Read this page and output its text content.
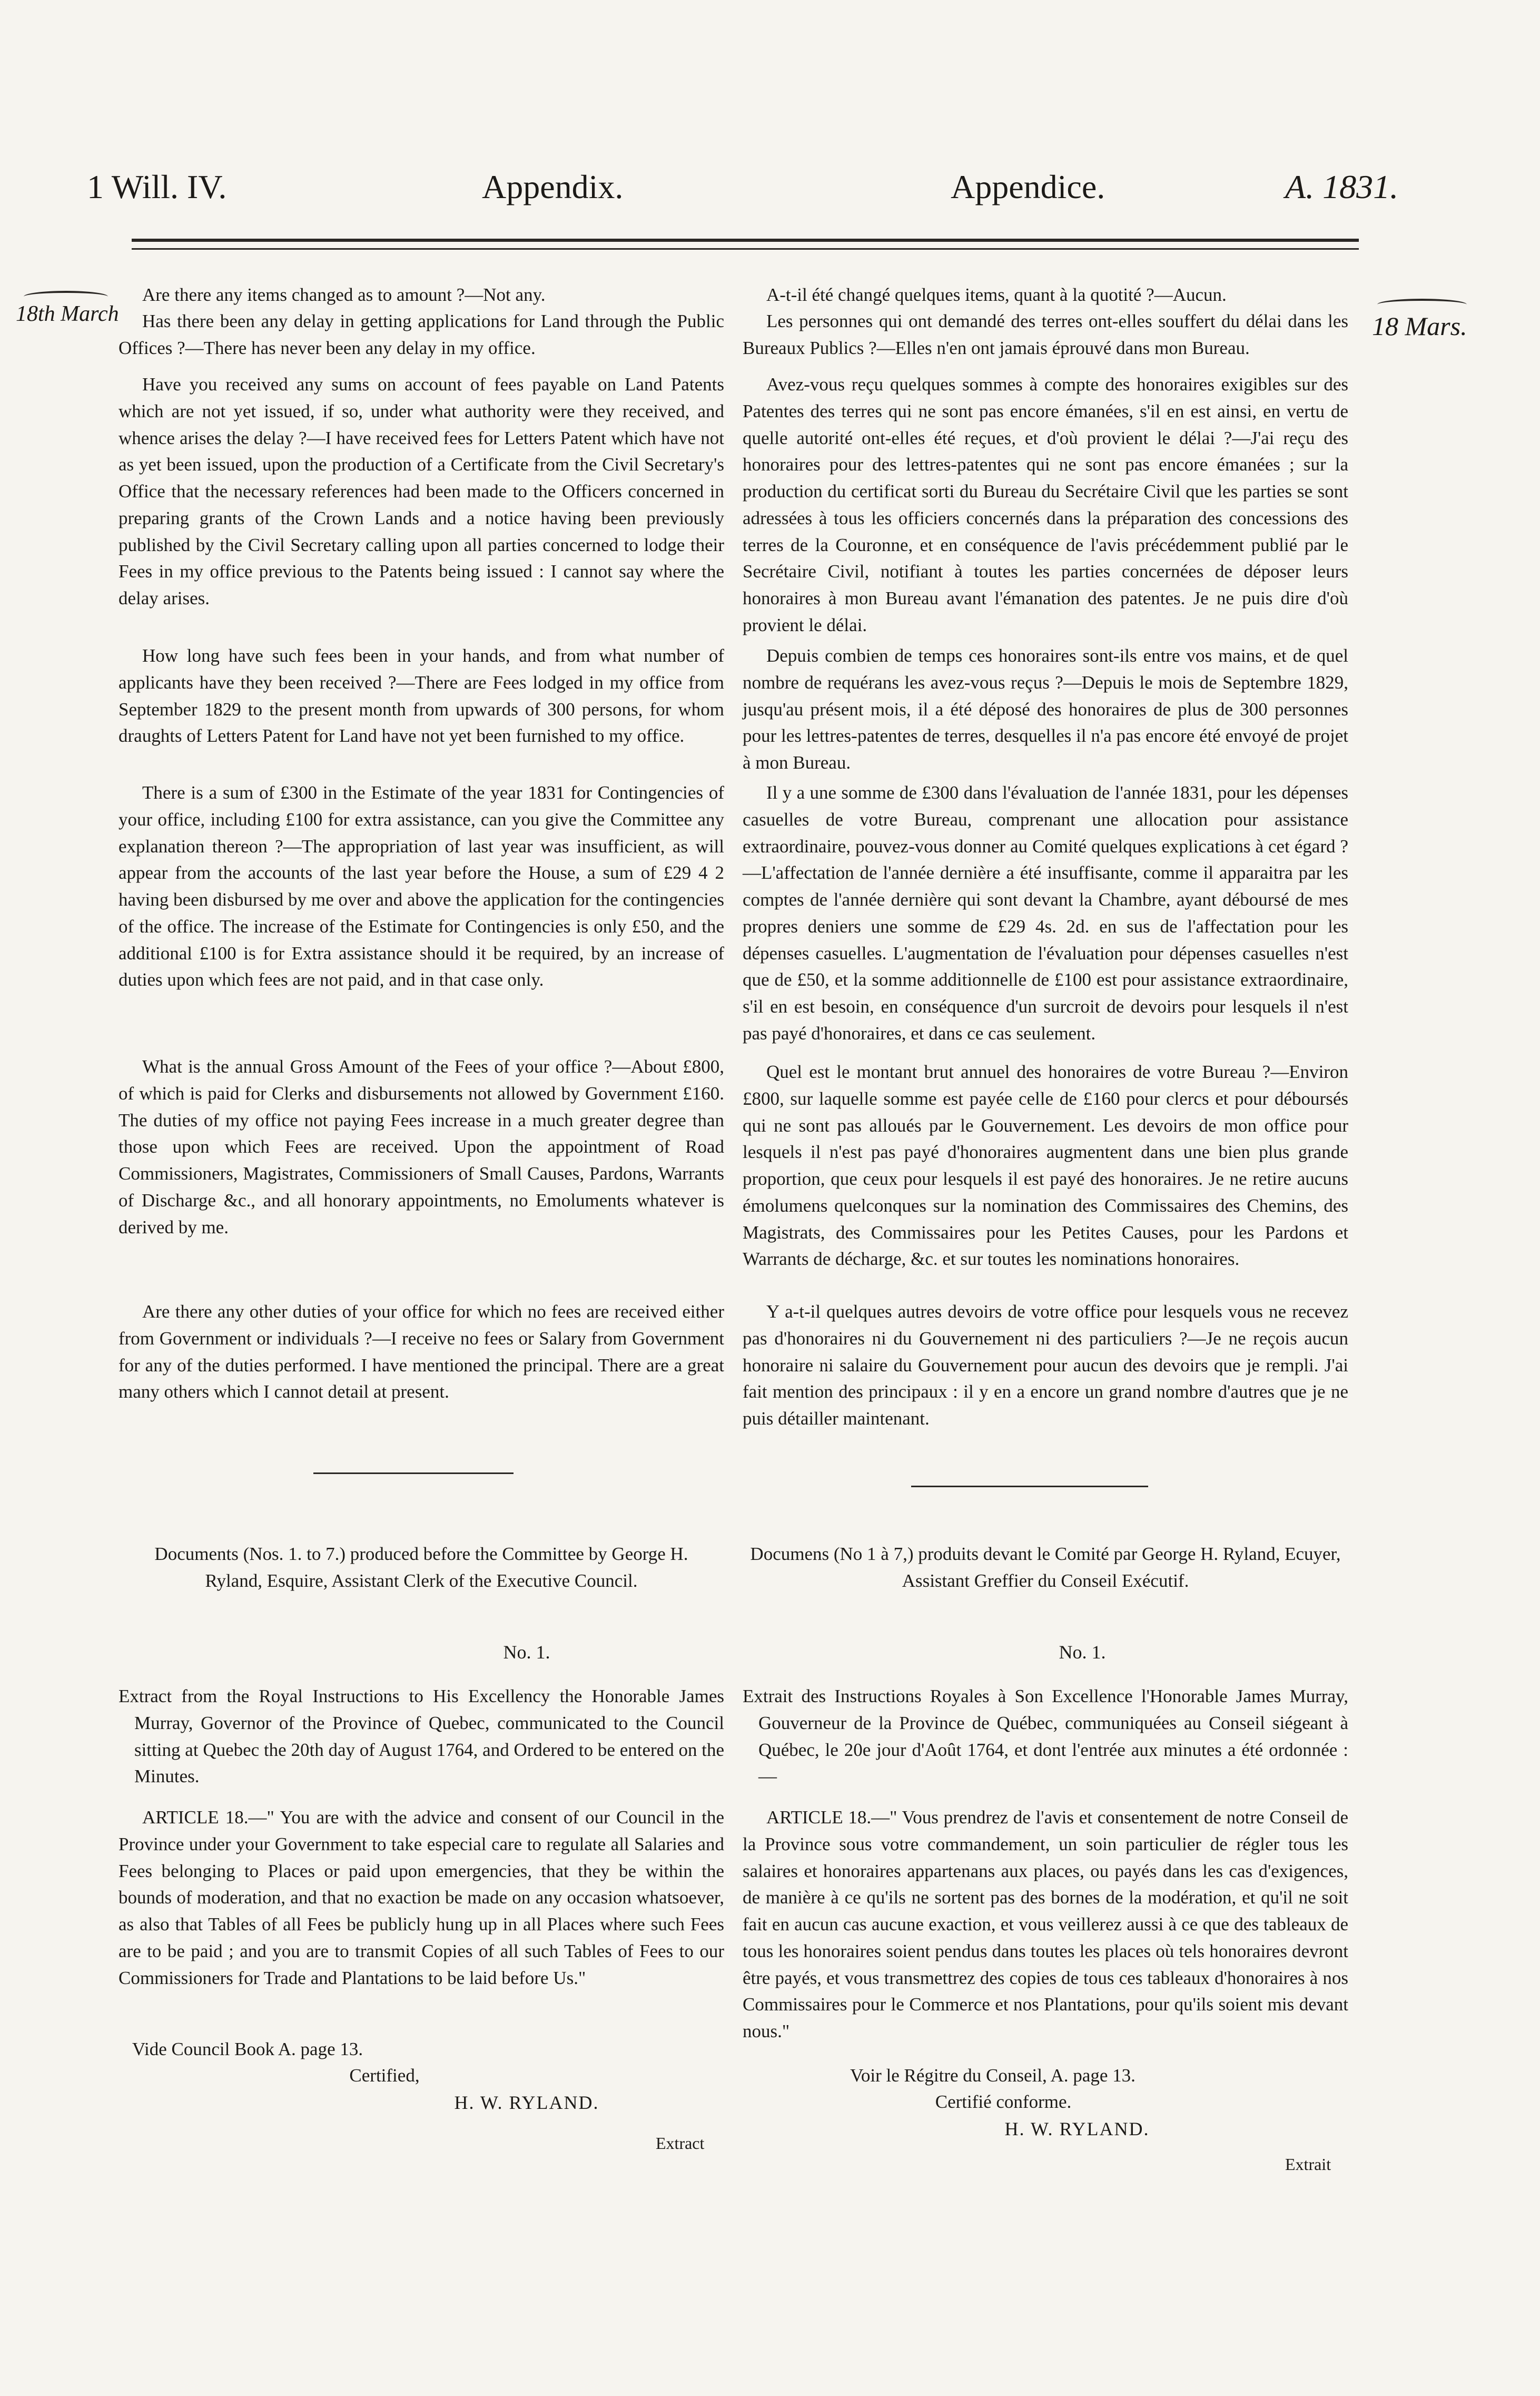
1 Will. IV.	Appendix.	Appendice.	A. 1831.
18th March	18 Mars.

Are there any items changed as to amount ?—Not any.

Has there been any delay in getting applications for Land through the Public Offices ?—There has never been any delay in my office.

Have you received any sums on account of fees payable on Land Patents which are not yet issued, if so, under what authority were they received, and whence arises the delay ?—I have received fees for Letters Patent which have not as yet been issued, upon the production of a Certificate from the Civil Secretary's Office that the necessary references had been made to the Officers concerned in preparing grants of the Crown Lands and a notice having been previously published by the Civil Secretary calling upon all parties concerned to lodge their Fees in my office previous to the Patents being issued : I cannot say where the delay arises.

How long have such fees been in your hands, and from what number of applicants have they been received ?—There are Fees lodged in my office from September 1829 to the present month from upwards of 300 persons, for whom draughts of Letters Patent for Land have not yet been furnished to my office.

There is a sum of £300 in the Estimate of the year 1831 for Contingencies of your office, including £100 for extra assistance, can you give the Committee any explanation thereon ?—The appropriation of last year was insufficient, as will appear from the accounts of the last year before the House, a sum of £29 4 2 having been disbursed by me over and above the application for the contingencies of the office. The increase of the Estimate for Contingencies is only £50, and the additional £100 is for Extra assistance should it be required, by an increase of duties upon which fees are not paid, and in that case only.

What is the annual Gross Amount of the Fees of your office ?—About £800, of which is paid for Clerks and disbursements not allowed by Government £160. The duties of my office not paying Fees increase in a much greater degree than those upon which Fees are received. Upon the appointment of Road Commissioners, Magistrates, Commissioners of Small Causes, Pardons, Warrants of Discharge &c., and all honorary appointments, no Emoluments whatever is derived by me.

Are there any other duties of your office for which no fees are received either from Government or individuals ?—I receive no fees or Salary from Government for any of the duties performed. I have mentioned the principal. There are a great many others which I cannot detail at present.

Documents (Nos. 1. to 7.) produced before the Committee by George H. Ryland, Esquire, Assistant Clerk of the Executive Council.

No. 1.

Extract from the Royal Instructions to His Excellency the Honorable James Murray, Governor of the Province of Quebec, communicated to the Council sitting at Quebec the 20th day of August 1764, and Ordered to be entered on the Minutes.

ARTICLE 18.—" You are with the advice and consent of our Council in the Province under your Government to take especial care to regulate all Salaries and Fees belonging to Places or paid upon emergencies, that they be within the bounds of moderation, and that no exaction be made on any occasion whatsoever, as also that Tables of all Fees be publicly hung up in all Places where such Fees are to be paid ; and you are to transmit Copies of all such Tables of Fees to our Commissioners for Trade and Plantations to be laid before Us."

Vide Council Book A. page 13.
Certified,
H. W. RYLAND.
Extract

A-t-il été changé quelques items, quant à la quotité ?—Aucun.

Les personnes qui ont demandé des terres ont-elles souffert du délai dans les Bureaux Publics ?—Elles n'en ont jamais éprouvé dans mon Bureau.

Avez-vous reçu quelques sommes à compte des honoraires exigibles sur des Patentes des terres qui ne sont pas encore émanées, s'il en est ainsi, en vertu de quelle autorité ont-elles été reçues, et d'où provient le délai ?—J'ai reçu des honoraires pour des lettres-patentes qui ne sont pas encore émanées ; sur la production du certificat sorti du Bureau du Secrétaire Civil que les parties se sont adressées à tous les officiers concernés dans la préparation des concessions des terres de la Couronne, et en conséquence de l'avis précédemment publié par le Secrétaire Civil, notifiant à toutes les parties concernées de déposer leurs honoraires à mon Bureau avant l'émanation des patentes. Je ne puis dire d'où provient le délai.

Depuis combien de temps ces honoraires sont-ils entre vos mains, et de quel nombre de requérans les avez-vous reçus ?—Depuis le mois de Septembre 1829, jusqu'au présent mois, il a été déposé des honoraires de plus de 300 personnes pour les lettres-patentes de terres, desquelles il n'a pas encore été envoyé de projet à mon Bureau.

Il y a une somme de £300 dans l'évaluation de l'année 1831, pour les dépenses casuelles de votre Bureau, comprenant une allocation pour assistance extraordinaire, pouvez-vous donner au Comité quelques explications à cet égard ?—L'affectation de l'année dernière a été insuffisante, comme il apparaitra par les comptes de l'année dernière qui sont devant la Chambre, ayant déboursé de mes propres deniers une somme de £29 4s. 2d. en sus de l'affectation pour les dépenses casuelles. L'augmentation de l'évaluation pour dépenses casuelles n'est que de £50, et la somme additionnelle de £100 est pour assistance extraordinaire, s'il en est besoin, en conséquence d'un surcroit de devoirs pour lesquels il n'est pas payé d'honoraires, et dans ce cas seulement.

Quel est le montant brut annuel des honoraires de votre Bureau ?—Environ £800, sur laquelle somme est payée celle de £160 pour clercs et pour déboursés qui ne sont pas alloués par le Gouvernement. Les devoirs de mon office pour lesquels il n'est pas payé d'honoraires augmentent dans une bien plus grande proportion, que ceux pour lesquels il est payé des honoraires. Je ne retire aucuns émolumens quelconques sur la nomination des Commissaires des Chemins, des Magistrats, des Commissaires pour les Petites Causes, pour les Pardons et Warrants de décharge, &c. et sur toutes les nominations honoraires.

Y a-t-il quelques autres devoirs de votre office pour lesquels vous ne recevez pas d'honoraires ni du Gouvernement ni des particuliers ?—Je ne reçois aucun honoraire ni salaire du Gouvernement pour aucun des devoirs que je rempli. J'ai fait mention des principaux : il y en a encore un grand nombre d'autres que je ne puis détailler maintenant.

Documens (No 1 à 7,) produits devant le Comité par George H. Ryland, Ecuyer, Assistant Greffier du Conseil Exécutif.

No. 1.

Extrait des Instructions Royales à Son Excellence l'Honorable James Murray, Gouverneur de la Province de Québec, communiquées au Conseil siégeant à Québec, le 20e jour d'Août 1764, et dont l'entrée aux minutes a été ordonnée :—

ARTICLE 18.—" Vous prendrez de l'avis et consentement de notre Conseil de la Province sous votre commandement, un soin particulier de régler tous les salaires et honoraires appartenans aux places, ou payés dans les cas d'exigences, de manière à ce qu'ils ne sortent pas des bornes de la modération, et qu'il ne soit fait en aucun cas aucune exaction, et vous veillerez aussi à ce que des tableaux de tous les honoraires soient pendus dans toutes les places où tels honoraires devront être payés, et vous transmettrez des copies de tous ces tableaux d'honoraires à nos Commissaires pour le Commerce et nos Plantations, pour qu'ils soient mis devant nous."

Voir le Régitre du Conseil, A. page 13.
Certifié conforme.
H. W. RYLAND.
Extrait
